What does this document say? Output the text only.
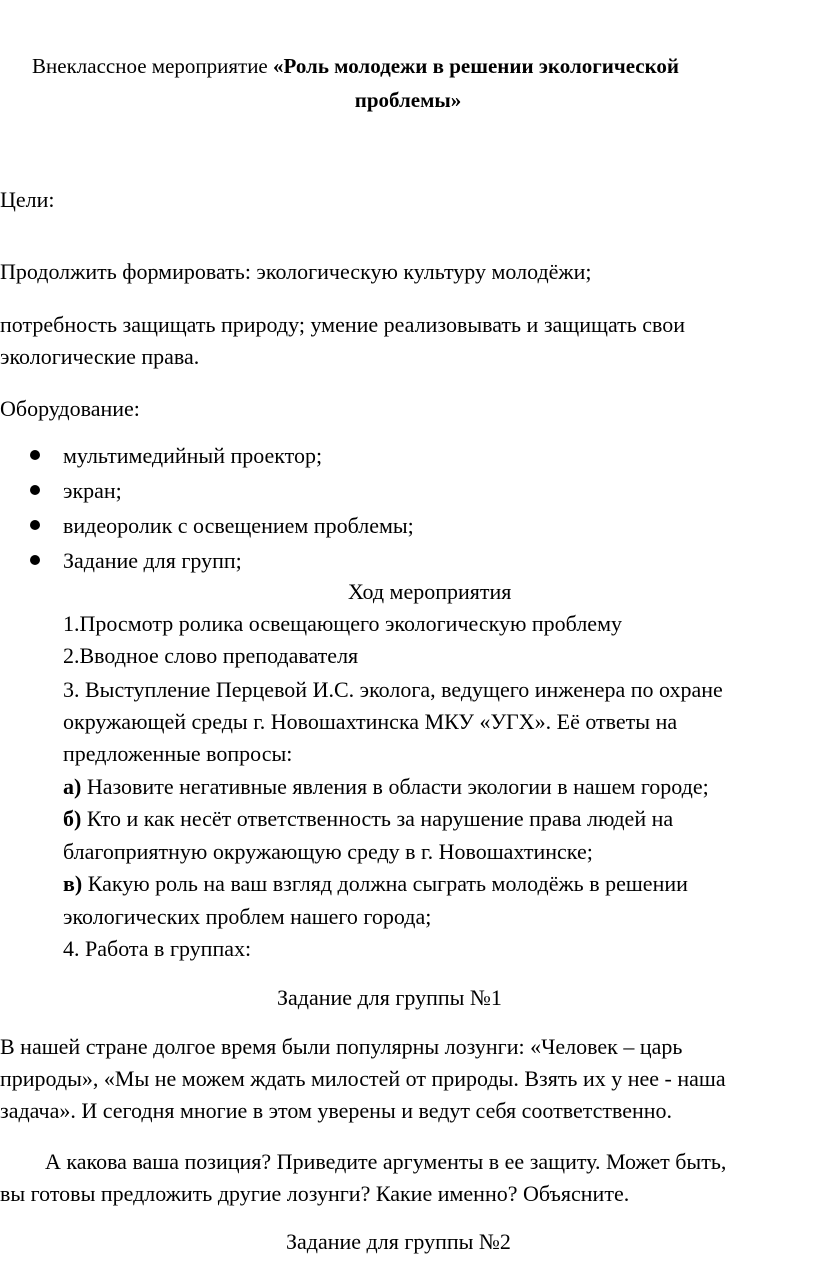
Внеклассное мероприятие «Роль молодежи в решении экологической
проблемы»
Цели:
Продолжить формировать: экологическую культуру молодёжи;
потребность защищать природу; умение реализовывать и защищать свои
экологические права.
Оборудование:
мультимедийный проектор;
экран;
видеоролик с освещением проблемы;
Задание для групп;
Ход мероприятия
1.Просмотр ролика освещающего экологическую проблему
2.Вводное слово преподавателя
3. Выступление Перцевой И.С. эколога, ведущего инженера по охране
окружающей среды г. Новошахтинска МКУ «УГХ». Её ответы на
предложенные вопросы:
а) Назовите негативные явления в области экологии в нашем городе;
б) Кто и как несёт ответственность за нарушение права людей на
благоприятную окружающую среду в г. Новошахтинске;
в) Какую роль на ваш взгляд должна сыграть молодёжь в решении
экологических проблем нашего города;
4. Работа в группах:
Задание для группы №1
В нашей стране долгое время были популярны лозунги: «Человек – царь
природы», «Мы не можем ждать милостей от природы. Взять их у нее - наша
задача». И сегодня многие в этом уверены и ведут себя соответственно.
А какова ваша позиция? Приведите аргументы в ее защиту. Может быть,
вы готовы предложить другие лозунги? Какие именно? Объясните.
Задание для группы №2
